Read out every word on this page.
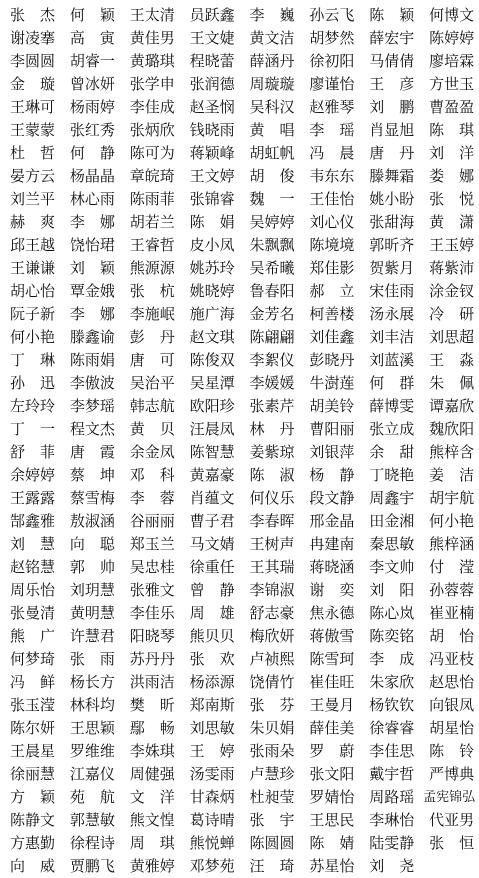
张　杰 何　颖 王太清 员跃鑫 李　巍 孙云飞 陈　颖 何博文
谢凌搴 高　寅 黄佳男 王文婕 黄文洁 胡梦然 薛宏宇 陈婷婷
李圆圆 胡睿一 黄璐琪 程晓蕾 薛涵丹 徐初阳 马倩倩 廖培霖
金　璇 曾冰妍 张学申 张润德 周璇璇 廖谨怡 王　彦 方世玉
王琳可 杨雨婷 李佳成 赵圣悯 吴科汉 赵雅琴 刘　鹏 曹盈盈
王蒙蒙 张红秀 张炳欣 钱晓雨 黄　唱 李　瑶 肖显旭 陈　琪
杜　哲 何　静 陈可为 蒋颖峰 胡虹帆 冯　晨 唐　丹 刘　洋
晏方云 杨晶晶 章皖琦 王文婷 胡　俊 韦东东 滕舞霜 娄　娜
刘兰平 林心雨 陈雨菲 张锦睿 魏　一 王佳怡 姚小盼 张　悦
赫　爽 李　娜 胡若兰 陈　娟 吴婷婷 刘心仪 张甜海 黄　潇
邱王越 饶怡珺 王睿哲 皮小凤 朱飘飘 陈境境 郭昕齐 王玉婷
王谦谦 刘　颖 熊源源 姚苏玲 吴希曦 郑佳影 贺紫月 蒋紫沛
胡心怡 覃金娥 张　杭 姚晓婷 鲁春阳 郝　立 宋佳雨 涂金钗
阮子新 李　娜 李施岷 施广海 金芳名 柯善楼 汤永展 冷　研
何小艳 滕鑫谕 彭　丹 赵文琪 陈翩翩 刘佳鑫 刘丰洁 刘思超
丁　琳 陈雨娟 唐　可 陈俊双 李絮仪 彭晓丹 刘蓝溪 王　淼
孙　迅 李傲波 吴治平 吴星潭 李媛媛 牛澍莲 何　群 朱　佩
左玲玲 李梦瑶 韩志航 欧阳珍 张素芹 胡美铃 薛博雯 谭嘉欣
丁　一 程文杰 黄　贝 汪晨凤 林　丹 曹阳丽 张立成 魏欣阳
舒　菲 唐　霞 余金凤 陈智慧 姜紫琼 刘银萍 余　甜 熊梓含
余婷婷 蔡　坤 邓　科 黄嘉豪 陈　淑 杨　静 丁晓艳 姜　洁
王露露 蔡雪梅 李　蓉 肖蕴文 何仪乐 段文静 周鑫宇 胡宇航
郜鑫雅 敖淑涵 谷丽丽 曹子君 李春晖 邢金晶 田金湘 何小艳
刘　慧 向　聪 郑玉兰 马文婧 王树声 冉建南 秦思敏 熊梓涵
赵铭慧 郭　帅 吴忠桂 徐重任 王其瑞 蒋晓涵 李文帅 付　滢
周乐怡 刘玥慧 张雅文 曾　静 李锦淑 谢　奕 刘　阳 孙蓉蓉
张曼清 黄明慧 李佳乐 周　雄 舒志豪 焦永德 陈心岚 崔亚楠
熊　广 许慧君 阳晓琴 熊贝贝 梅欣妍 蒋傲雪 陈奕铭 胡　怡
何梦琦 张　雨 苏丹丹 张　欢 卢祯熙 陈雪珂 李　成 冯亚枝
冯　鲜 杨长方 洪雨洁 杨添源 饶倩竹 崔佳旺 朱家欣 赵思怡
张玉滢 林科均 樊　昕 郑南斯 张　芬 王曼月 杨钦钦 向银凤
陈尔妍 王思颖 鄢　畅 刘思敏 朱贝娟 薛佳美 徐睿睿 胡星怡
王晨星 罗维维 李姝琪 王　婷 张雨朵 罗　蔚 李佳思 陈　铃
徐丽慧 江嘉仪 周健强 汤雯雨 卢慧珍 张文阳 戴宇哲 严博典
方　颖 苑　航 文　洋 甘森炳 杜昶莹 罗婧怡 周路瑶 孟宪锦弘
陈静文 郭慧敏 熊文惶 葛诗晴 张　宇 王思民 李琳怡 代亚男
方惠勤 徐程诗 周　琪 熊悦蝉 陈圆圆 陈　婧 陆雯静 张　恒
向　威 贾鹏飞 黄雅婷 邓梦苑 汪　琦 苏星怡 刘　尧
